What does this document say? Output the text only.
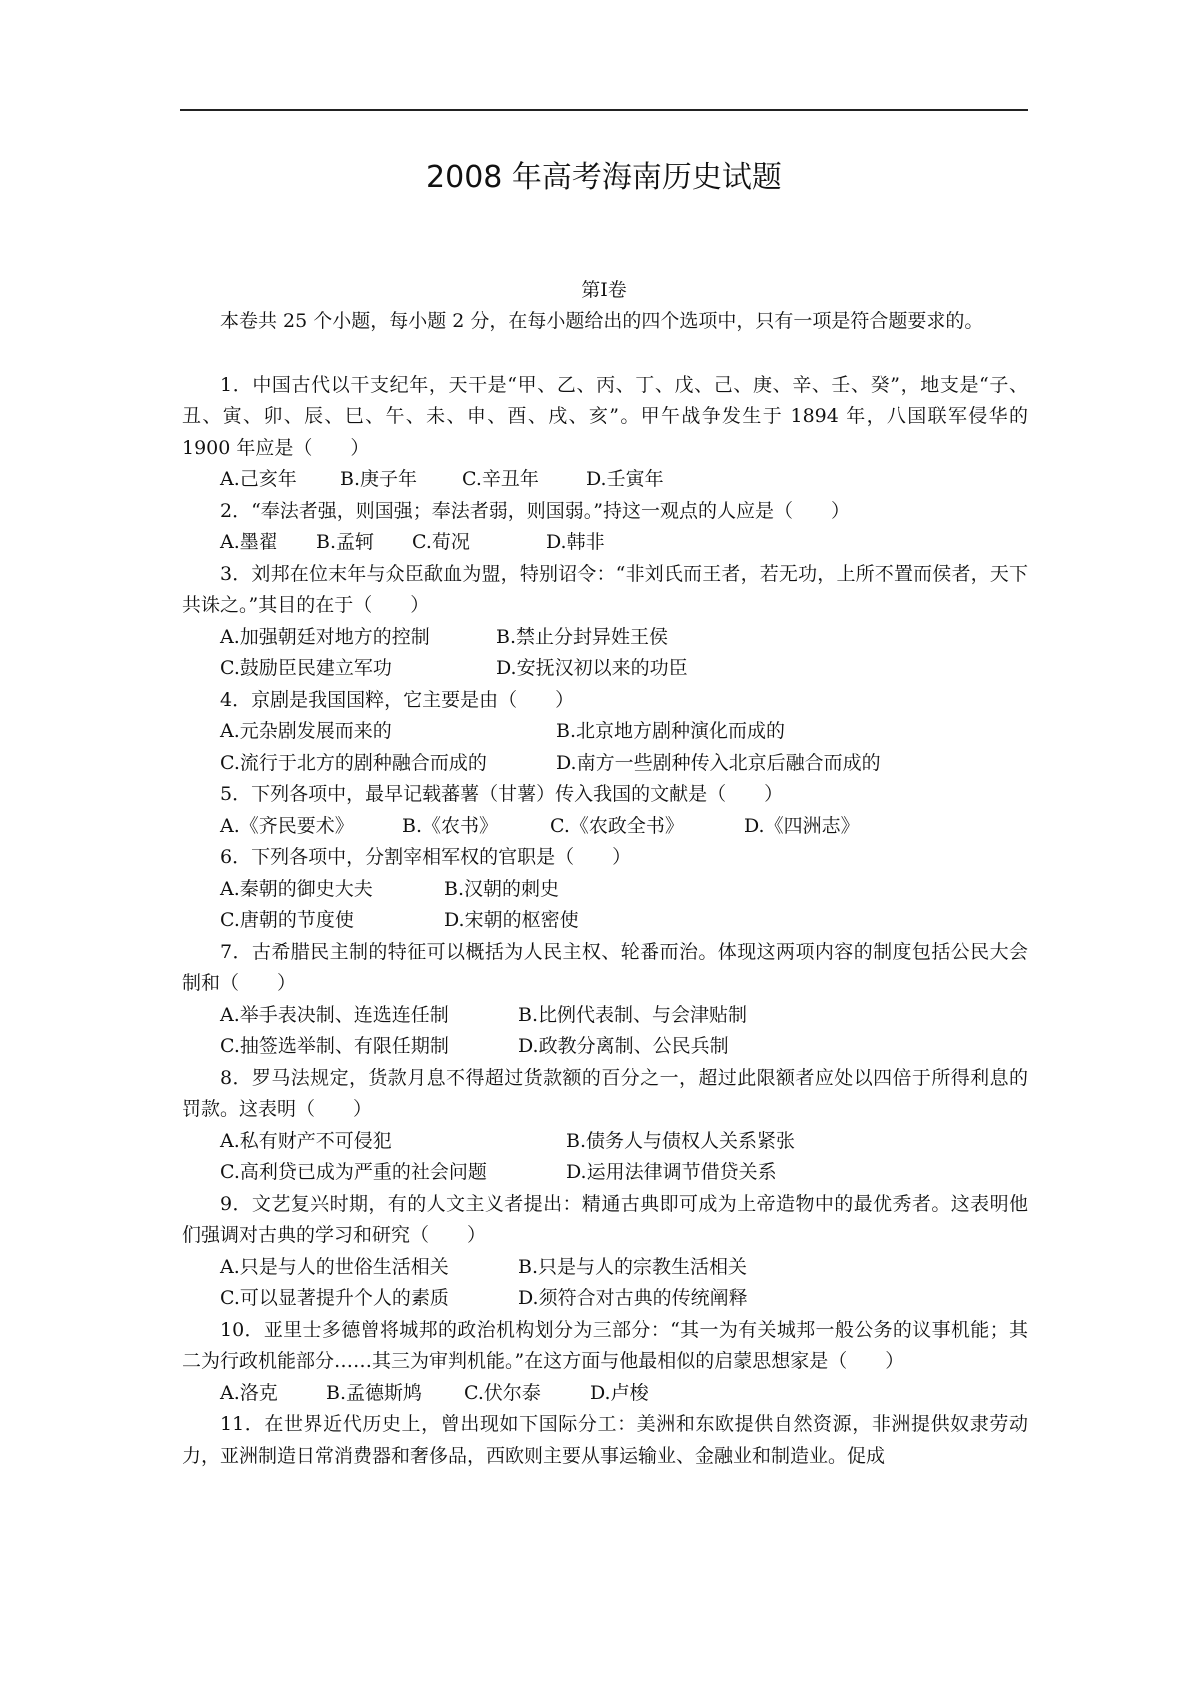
2008 年高考海南历史试题
第Ⅰ卷

本卷共 25 个小题，每小题 2 分，在每小题给出的四个选项中，只有一项是符合题要求的。

1．中国古代以干支纪年，天干是“甲、乙、丙、丁、戊、己、庚、辛、壬、癸”，地支是“子、丑、寅、卯、辰、巳、午、未、申、酉、戌、亥”。甲午战争发生于 1894 年，八国联军侵华的 1900 年应是（　　）

A.己亥年	B.庚子年	C.辛丑年	D.壬寅年

2．“奉法者强，则国强；奉法者弱，则国弱。”持这一观点的人应是（　　）

A.墨翟	B.孟轲	C.荀况	D.韩非

3．刘邦在位末年与众臣歃血为盟，特别诏令：“非刘氏而王者，若无功，上所不置而侯者，天下共诛之。”其目的在于（　　）

A.加强朝廷对地方的控制	B.禁止分封异姓王侯
C.鼓励臣民建立军功	D.安抚汉初以来的功臣

4．京剧是我国国粹，它主要是由（　　）

A.元杂剧发展而来的	B.北京地方剧种演化而成的
C.流行于北方的剧种融合而成的	D.南方一些剧种传入北京后融合而成的

5．下列各项中，最早记载蕃薯（甘薯）传入我国的文献是（　　）

A.《齐民要术》	B.《农书》	C.《农政全书》	D.《四洲志》

6．下列各项中，分割宰相军权的官职是（　　）

A.秦朝的御史大夫	B.汉朝的刺史
C.唐朝的节度使	D.宋朝的枢密使

7．古希腊民主制的特征可以概括为人民主权、轮番而治。体现这两项内容的制度包括公民大会制和（　　）

A.举手表决制、连选连任制	B.比例代表制、与会津贴制
C.抽签选举制、有限任期制	D.政教分离制、公民兵制

8．罗马法规定，货款月息不得超过货款额的百分之一，超过此限额者应处以四倍于所得利息的罚款。这表明（　　）

A.私有财产不可侵犯	B.债务人与债权人关系紧张
C.高利贷已成为严重的社会问题	D.运用法律调节借贷关系

9．文艺复兴时期，有的人文主义者提出：精通古典即可成为上帝造物中的最优秀者。这表明他们强调对古典的学习和研究（　　）

A.只是与人的世俗生活相关	B.只是与人的宗教生活相关
C.可以显著提升个人的素质	D.须符合对古典的传统阐释

10．亚里士多德曾将城邦的政治机构划分为三部分：“其一为有关城邦一般公务的议事机能；其二为行政机能部分……其三为审判机能。”在这方面与他最相似的启蒙思想家是（　　）

A.洛克	B.孟德斯鸠	C.伏尔泰	D.卢梭

11．在世界近代历史上，曾出现如下国际分工：美洲和东欧提供自然资源，非洲提供奴隶劳动力，亚洲制造日常消费器和奢侈品，西欧则主要从事运输业、金融业和制造业。促成
